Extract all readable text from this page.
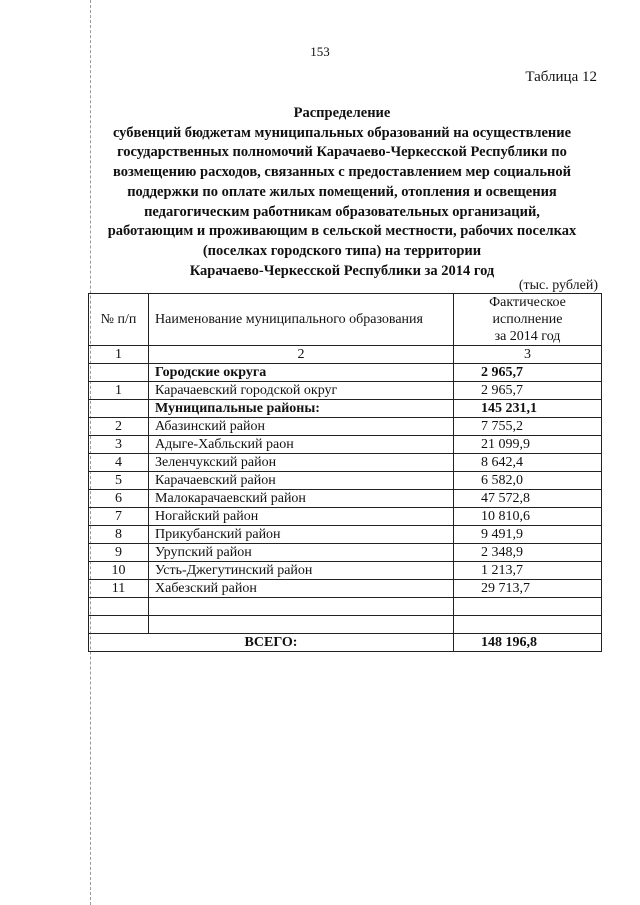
153
Таблица 12
Распределение
субвенций бюджетам муниципальных образований на осуществление
государственных полномочий Карачаево-Черкесской Республики по
возмещению расходов, связанных с предоставлением мер социальной
поддержки по оплате жилых помещений, отопления и освещения
педагогическим работникам образовательных организаций,
работающим и проживающим в сельской местности, рабочих поселках
(поселках городского типа) на территории
Карачаево-Черкесской Республики за 2014 год
(тыс. рублей)
№ п/п	Наименование муниципального образования	Фактическое
исполнение
за 2014 год

1	2	3
	Городские округа	2 965,7
1	Карачаевский городской округ	2 965,7
	Муниципальные районы:	145 231,1
2	Абазинский район	7 755,2
3	Адыге-Хабльский раон	21 099,9
4	Зеленчукский район	8 642,4
5	Карачаевский район	6 582,0
6	Малокарачаевский район	47 572,8
7	Ногайский район	10 810,6
8	Прикубанский район	9 491,9
9	Урупский район	2 348,9
10	Усть-Джегутинский район	1 213,7
11	Хабезский район	29 713,7

ВСЕГО:		148 196,8
